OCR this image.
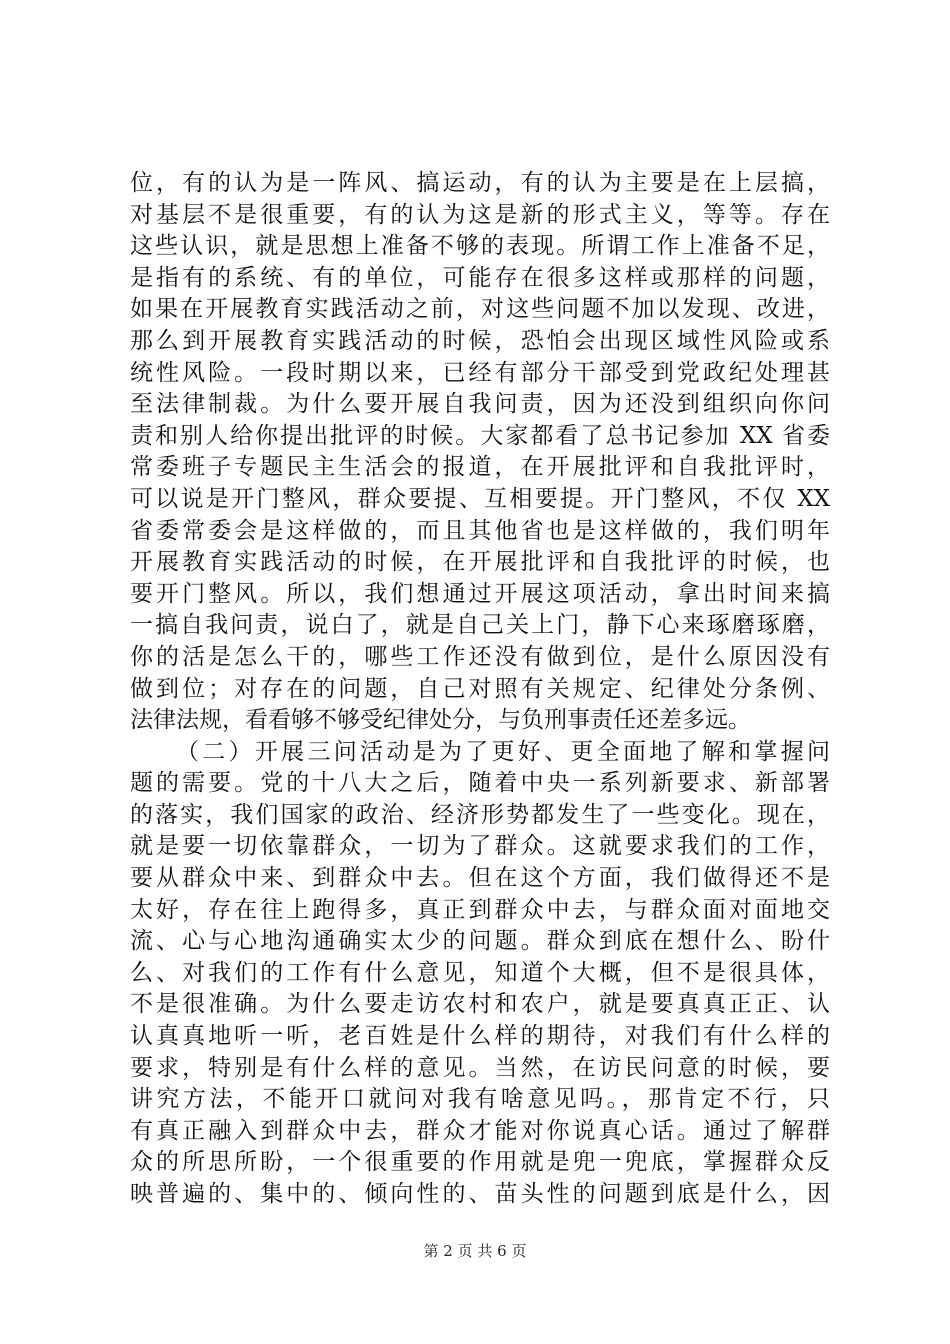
位，有的认为是一阵风、搞运动，有的认为主要是在上层搞，
对基层不是很重要，有的认为这是新的形式主义，等等。存在
这些认识，就是思想上准备不够的表现。所谓工作上准备不足，
是指有的系统、有的单位，可能存在很多这样或那样的问题，
如果在开展教育实践活动之前，对这些问题不加以发现、改进，
那么到开展教育实践活动的时候，恐怕会出现区域性风险或系
统性风险。一段时期以来，已经有部分干部受到党政纪处理甚
至法律制裁。为什么要开展自我问责，因为还没到组织向你问
责和别人给你提出批评的时候。大家都看了总书记参加 XX 省委
常委班子专题民主生活会的报道，在开展批评和自我批评时，
可以说是开门整风，群众要提、互相要提。开门整风，不仅 XX
省委常委会是这样做的，而且其他省也是这样做的，我们明年
开展教育实践活动的时候，在开展批评和自我批评的时候，也
要开门整风。所以，我们想通过开展这项活动，拿出时间来搞
一搞自我问责，说白了，就是自己关上门，静下心来琢磨琢磨，
你的活是怎么干的，哪些工作还没有做到位，是什么原因没有
做到位；对存在的问题，自己对照有关规定、纪律处分条例、
法律法规，看看够不够受纪律处分，与负刑事责任还差多远。
（二）开展三问活动是为了更好、更全面地了解和掌握问
题的需要。党的十八大之后，随着中央一系列新要求、新部署
的落实，我们国家的政治、经济形势都发生了一些变化。现在，
就是要一切依靠群众，一切为了群众。这就要求我们的工作，
要从群众中来、到群众中去。但在这个方面，我们做得还不是
太好，存在往上跑得多，真正到群众中去，与群众面对面地交
流、心与心地沟通确实太少的问题。群众到底在想什么、盼什
么、对我们的工作有什么意见，知道个大概，但不是很具体，
不是很准确。为什么要走访农村和农户，就是要真真正正、认
认真真地听一听，老百姓是什么样的期待，对我们有什么样的
要求，特别是有什么样的意见。当然，在访民问意的时候，要
讲究方法，不能开口就问对我有啥意见吗。，那肯定不行，只
有真正融入到群众中去，群众才能对你说真心话。通过了解群
众的所思所盼，一个很重要的作用就是兜一兜底，掌握群众反
映普遍的、集中的、倾向性的、苗头性的问题到底是什么，因
第 2 页 共 6 页
